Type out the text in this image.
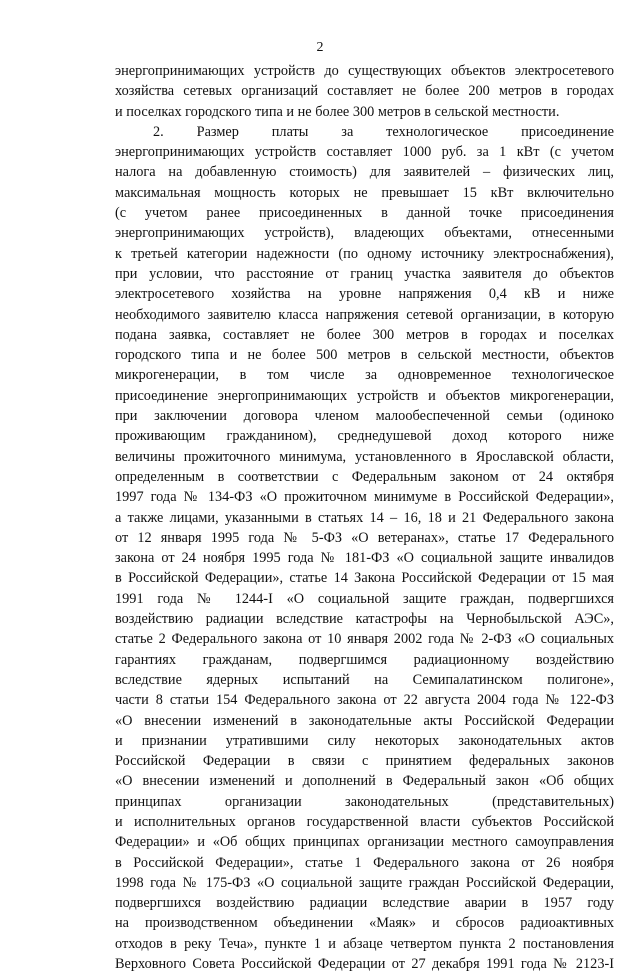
2
энергопринимающих устройств до существующих объектов электросетевого
хозяйства сетевых организаций составляет не более 200 метров в городах
и поселках городского типа и не более 300 метров в сельской местности.
2. Размер платы за технологическое присоединение
энергопринимающих устройств составляет 1000 руб. за 1 кВт (с учетом
налога на добавленную стоимость) для заявителей – физических лиц,
максимальная мощность которых не превышает 15 кВт включительно
(с учетом ранее присоединенных в данной точке присоединения
энергопринимающих устройств), владеющих объектами, отнесенными
к третьей категории надежности (по одному источнику электроснабжения),
при условии, что расстояние от границ участка заявителя до объектов
электросетевого хозяйства на уровне напряжения 0,4 кВ и ниже
необходимого заявителю класса напряжения сетевой организации, в которую
подана заявка, составляет не более 300 метров в городах и поселках
городского типа и не более 500 метров в сельской местности, объектов
микрогенерации, в том числе за одновременное технологическое
присоединение энергопринимающих устройств и объектов микрогенерации,
при заключении договора членом малообеспеченной семьи (одиноко
проживающим гражданином), среднедушевой доход которого ниже
величины прожиточного минимума, установленного в Ярославской области,
определенным в соответствии с Федеральным законом от 24 октября
1997 года № 134-ФЗ «О прожиточном минимуме в Российской Федерации»,
а также лицами, указанными в статьях 14 – 16, 18 и 21 Федерального закона
от 12 января 1995 года № 5-ФЗ «О ветеранах», статье 17 Федерального
закона от 24 ноября 1995 года № 181-ФЗ «О социальной защите инвалидов
в Российской Федерации», статье 14 Закона Российской Федерации от 15 мая
1991 года № 1244-I «О социальной защите граждан, подвергшихся
воздействию радиации вследствие катастрофы на Чернобыльской АЭС»,
статье 2 Федерального закона от 10 января 2002 года № 2-ФЗ «О социальных
гарантиях гражданам, подвергшимся радиационному воздействию
вследствие ядерных испытаний на Семипалатинском полигоне»,
части 8 статьи 154 Федерального закона от 22 августа 2004 года № 122-ФЗ
«О внесении изменений в законодательные акты Российской Федерации
и признании утратившими силу некоторых законодательных актов
Российской Федерации в связи с принятием федеральных законов
«О внесении изменений и дополнений в Федеральный закон «Об общих
принципах организации законодательных (представительных)
и исполнительных органов государственной власти субъектов Российской
Федерации» и «Об общих принципах организации местного самоуправления
в Российской Федерации», статье 1 Федерального закона от 26 ноября
1998 года № 175-ФЗ «О социальной защите граждан Российской Федерации,
подвергшихся воздействию радиации вследствие аварии в 1957 году
на производственном объединении «Маяк» и сбросов радиоактивных
отходов в реку Теча», пункте 1 и абзаце четвертом пункта 2 постановления
Верховного Совета Российской Федерации от 27 декабря 1991 года № 2123-I
